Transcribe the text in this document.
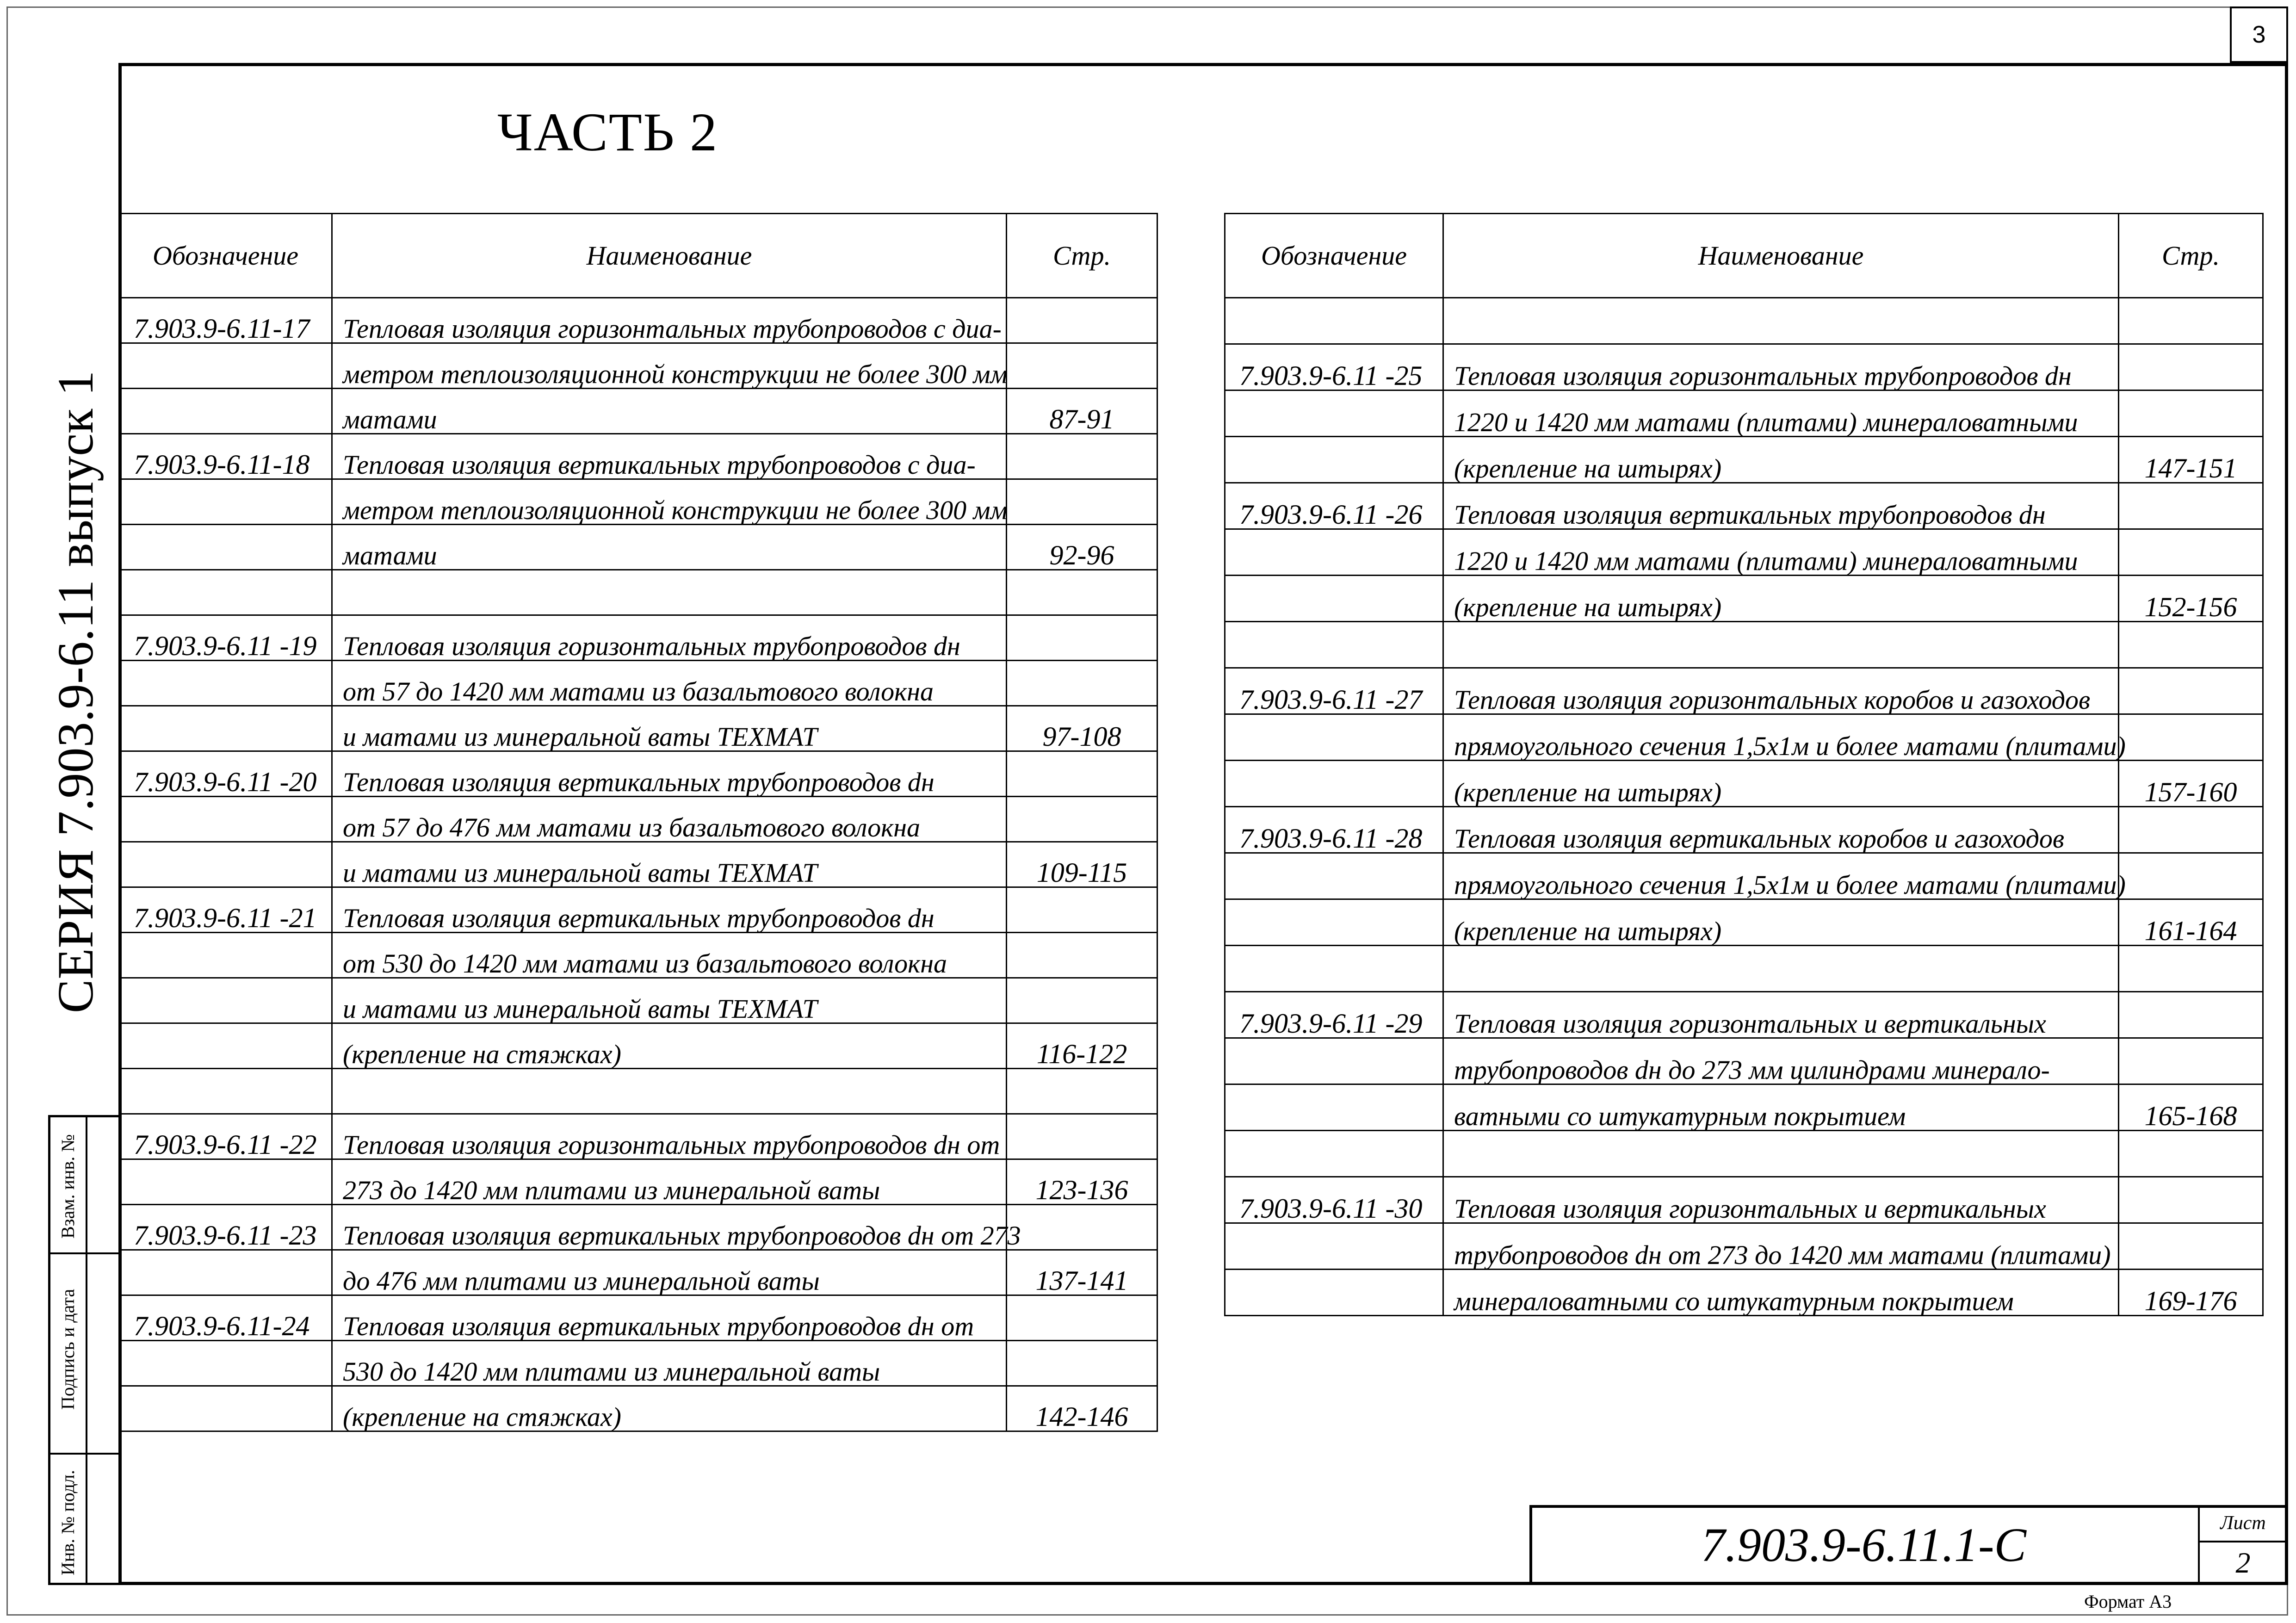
3
ЧАСТЬ 2
СЕРИЯ 7.903.9-6.11 выпуск 1
Взам. инв. №
Подпись и дата
Инв. № подл.
Обозначение	Наименование	Стр.
7.903.9-6.11-17	Тепловая изоляция горизонтальных трубопроводов с диа-	
	метром теплоизоляционной конструкции не более 300 мм	
	матами	87-91
7.903.9-6.11-18	Тепловая изоляция вертикальных трубопроводов с диа-	
	метром теплоизоляционной конструкции не более 300 мм	
	матами	92-96

7.903.9-6.11 -19	Тепловая изоляция горизонтальных трубопроводов dн	
	от 57 до 1420 мм матами из базальтового волокна	
	и матами из минеральной ваты ТЕХМАТ	97-108
7.903.9-6.11 -20	Тепловая изоляция вертикальных трубопроводов dн	
	от 57 до 476 мм матами из базальтового волокна	
	и матами из минеральной ваты ТЕХМАТ	109-115
7.903.9-6.11 -21	Тепловая изоляция вертикальных трубопроводов dн	
	от 530 до 1420 мм матами из базальтового волокна	
	и матами из минеральной ваты ТЕХМАТ	
	(крепление на стяжках)	116-122

7.903.9-6.11 -22	Тепловая изоляция горизонтальных трубопроводов dн от	
	273 до 1420 мм плитами из минеральной ваты	123-136
7.903.9-6.11 -23	Тепловая изоляция вертикальных трубопроводов dн от 273	
	до 476 мм плитами из минеральной ваты	137-141
7.903.9-6.11-24	Тепловая изоляция вертикальных трубопроводов dн от	
	530 до 1420 мм плитами из минеральной ваты	
	(крепление на стяжках)	142-146
Обозначение	Наименование	Стр.

7.903.9-6.11 -25	Тепловая изоляция горизонтальных трубопроводов dн	
	1220 и 1420 мм матами (плитами) минераловатными	
	(крепление на штырях)	147-151
7.903.9-6.11 -26	Тепловая изоляция вертикальных трубопроводов dн	
	1220 и 1420 мм матами (плитами) минераловатными	
	(крепление на штырях)	152-156

7.903.9-6.11 -27	Тепловая изоляция горизонтальных коробов и газоходов	
	прямоугольного сечения 1,5х1м и более матами (плитами)	
	(крепление на штырях)	157-160
7.903.9-6.11 -28	Тепловая изоляция вертикальных коробов и газоходов	
	прямоугольного сечения 1,5х1м и более матами (плитами)	
	(крепление на штырях)	161-164

7.903.9-6.11 -29	Тепловая изоляция горизонтальных и вертикальных	
	трубопроводов dн до 273 мм цилиндрами минерало-	
	ватными со штукатурным покрытием	165-168

7.903.9-6.11 -30	Тепловая изоляция горизонтальных и вертикальных	
	трубопроводов dн от 273 до 1420 мм матами (плитами)	
	минераловатными со штукатурным покрытием	169-176
7.903.9-6.11.1-С	Лист
2
Формат А3
